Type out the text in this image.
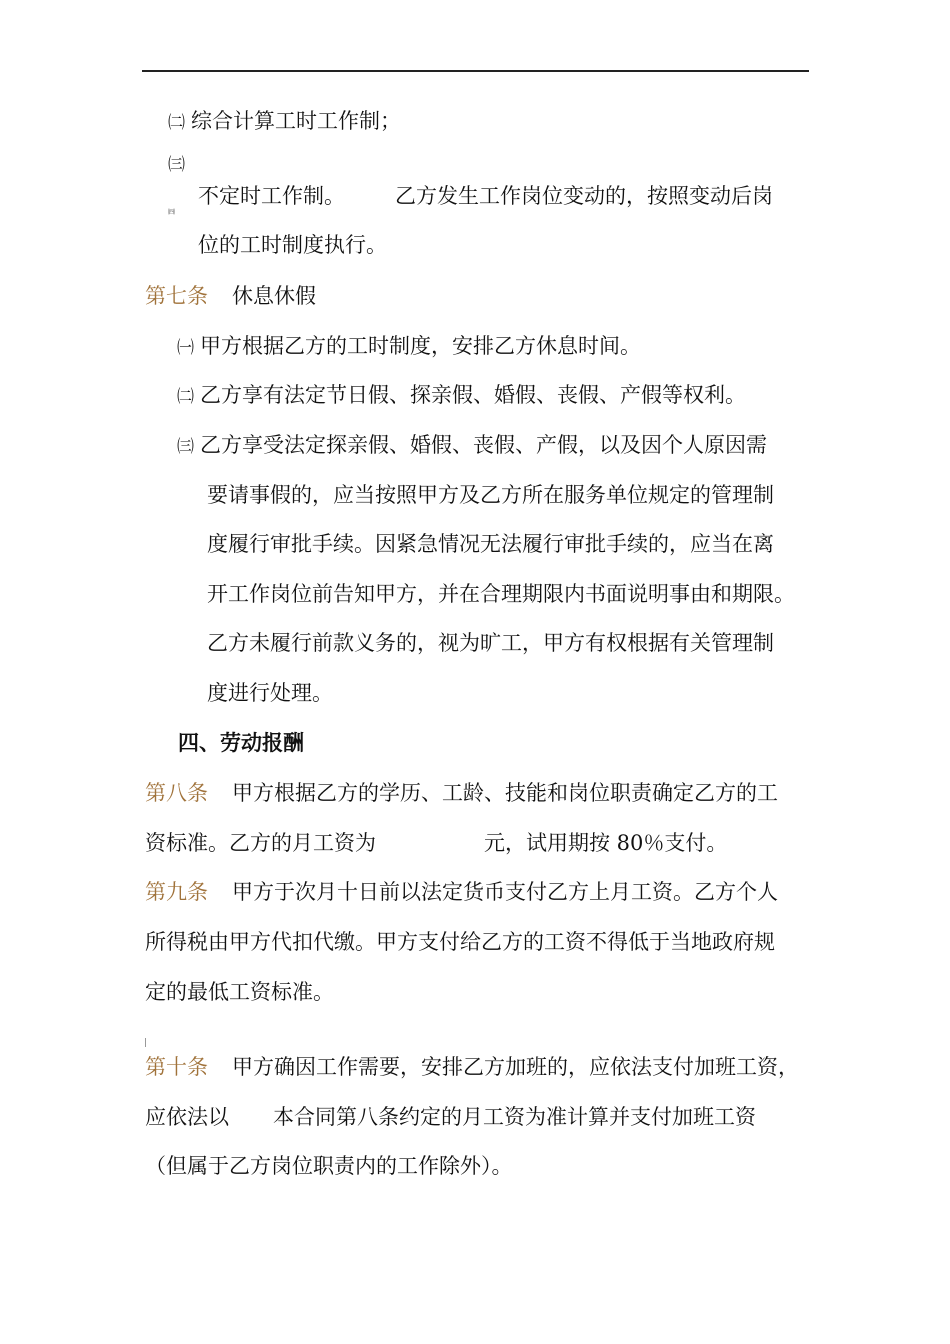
㈡ 综合计算工时工作制；
㈢
不定时工作制。 乙方发生工作岗位变动的，按照变动后岗
㈣
位的工时制度执行。
第七条 休息休假
㈠ 甲方根据乙方的工时制度，安排乙方休息时间。
㈡ 乙方享有法定节日假、探亲假、婚假、丧假、产假等权利。
㈢ 乙方享受法定探亲假、婚假、丧假、产假，以及因个人原因需
要请事假的，应当按照甲方及乙方所在服务单位规定的管理制
度履行审批手续。因紧急情况无法履行审批手续的，应当在离
开工作岗位前告知甲方，并在合理期限内书面说明事由和期限。
乙方未履行前款义务的，视为旷工，甲方有权根据有关管理制
度进行处理。
四、劳动报酬
第八条 甲方根据乙方的学历、工龄、技能和岗位职责确定乙方的工
资标准。乙方的月工资为	元，试用期按 80％支付。
第九条 甲方于次月十日前以法定货币支付乙方上月工资。乙方个人
所得税由甲方代扣代缴。甲方支付给乙方的工资不得低于当地政府规
定的最低工资标准。
第十条 甲方确因工作需要，安排乙方加班的，应依法支付加班工资，
应依法以 本合同第八条约定的月工资为准计算并支付加班工资
（但属于乙方岗位职责内的工作除外）。
